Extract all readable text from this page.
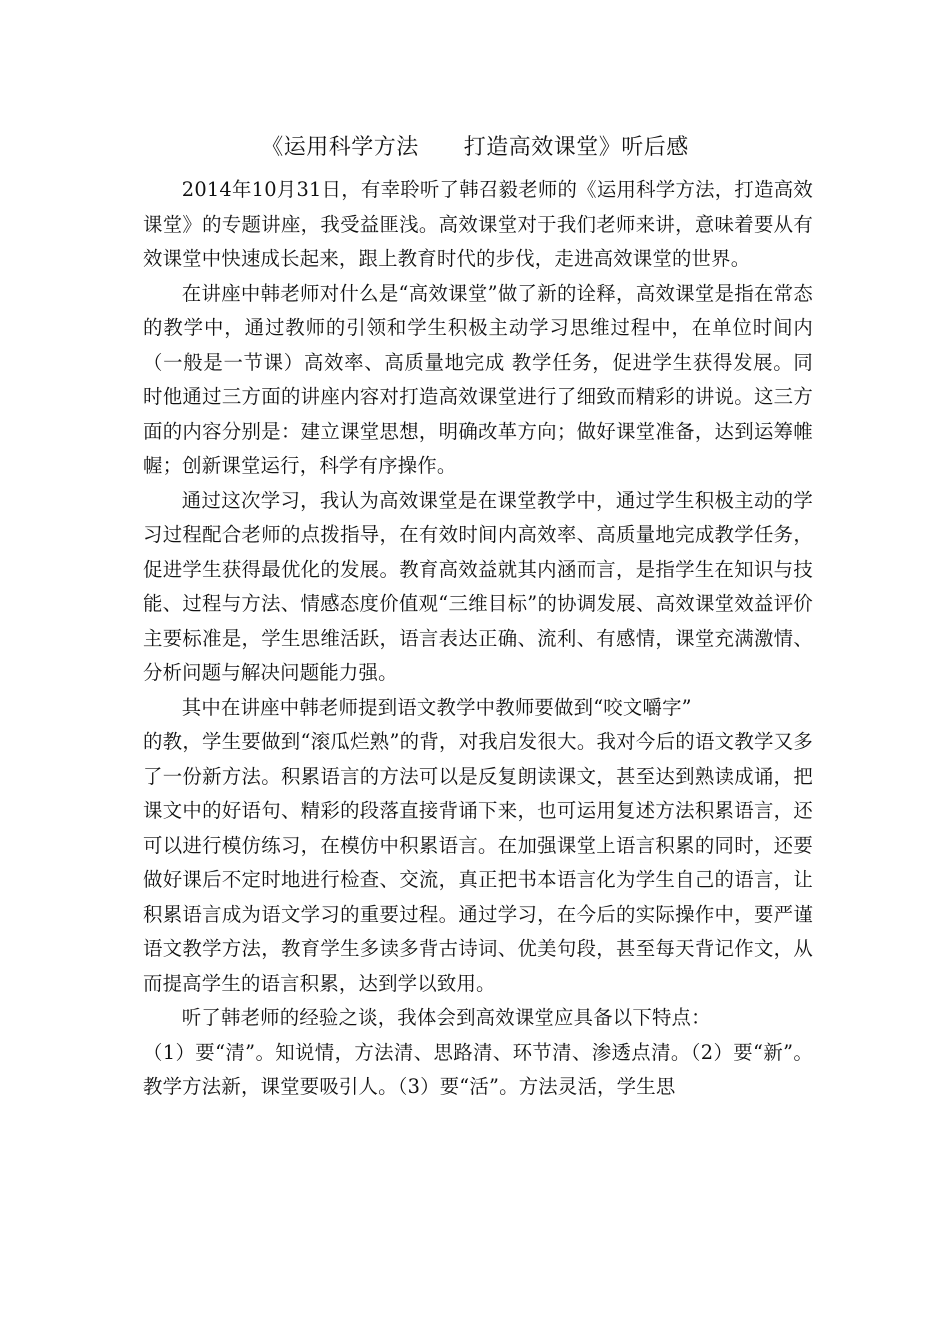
《运用科学方法　　打造高效课堂》听后感

2014年10月31日，有幸聆听了韩召毅老师的《运用科学方法，打造高效课堂》的专题讲座，我受益匪浅。高效课堂对于我们老师来讲，意味着要从有效课堂中快速成长起来，跟上教育时代的步伐，走进高效课堂的世界。

在讲座中韩老师对什么是“高效课堂”做了新的诠释，高效课堂是指在常态的教学中，通过教师的引领和学生积极主动学习思维过程中，在单位时间内（一般是一节课）高效率、高质量地完成 教学任务，促进学生获得发展。同时他通过三方面的讲座内容对打造高效课堂进行了细致而精彩的讲说。这三方面的内容分别是：建立课堂思想，明确改革方向；做好课堂准备，达到运筹帷幄；创新课堂运行，科学有序操作。

通过这次学习，我认为高效课堂是在课堂教学中，通过学生积极主动的学习过程配合老师的点拨指导，在有效时间内高效率、高质量地完成教学任务，促进学生获得最优化的发展。教育高效益就其内涵而言，是指学生在知识与技能、过程与方法、情感态度价值观“三维目标”的协调发展、高效课堂效益评价主要标准是，学生思维活跃，语言表达正确、流利、有感情，课堂充满激情、分析问题与解决问题能力强。

其中在讲座中韩老师提到语文教学中教师要做到“咬文嚼字”

的教，学生要做到“滚瓜烂熟”的背，对我启发很大。我对今后的语文教学又多了一份新方法。积累语言的方法可以是反复朗读课文，甚至达到熟读成诵，把课文中的好语句、精彩的段落直接背诵下来，也可运用复述方法积累语言，还可以进行模仿练习，在模仿中积累语言。在加强课堂上语言积累的同时，还要做好课后不定时地进行检查、交流，真正把书本语言化为学生自己的语言，让积累语言成为语文学习的重要过程。通过学习，在今后的实际操作中，要严谨语文教学方法，教育学生多读多背古诗词、优美句段，甚至每天背记作文，从而提高学生的语言积累，达到学以致用。

听了韩老师的经验之谈，我体会到高效课堂应具备以下特点：

（1）要“清”。知说情，方法清、思路清、环节清、渗透点清。（2）要“新”。教学方法新，课堂要吸引人。（3）要“活”。方法灵活，学生思
